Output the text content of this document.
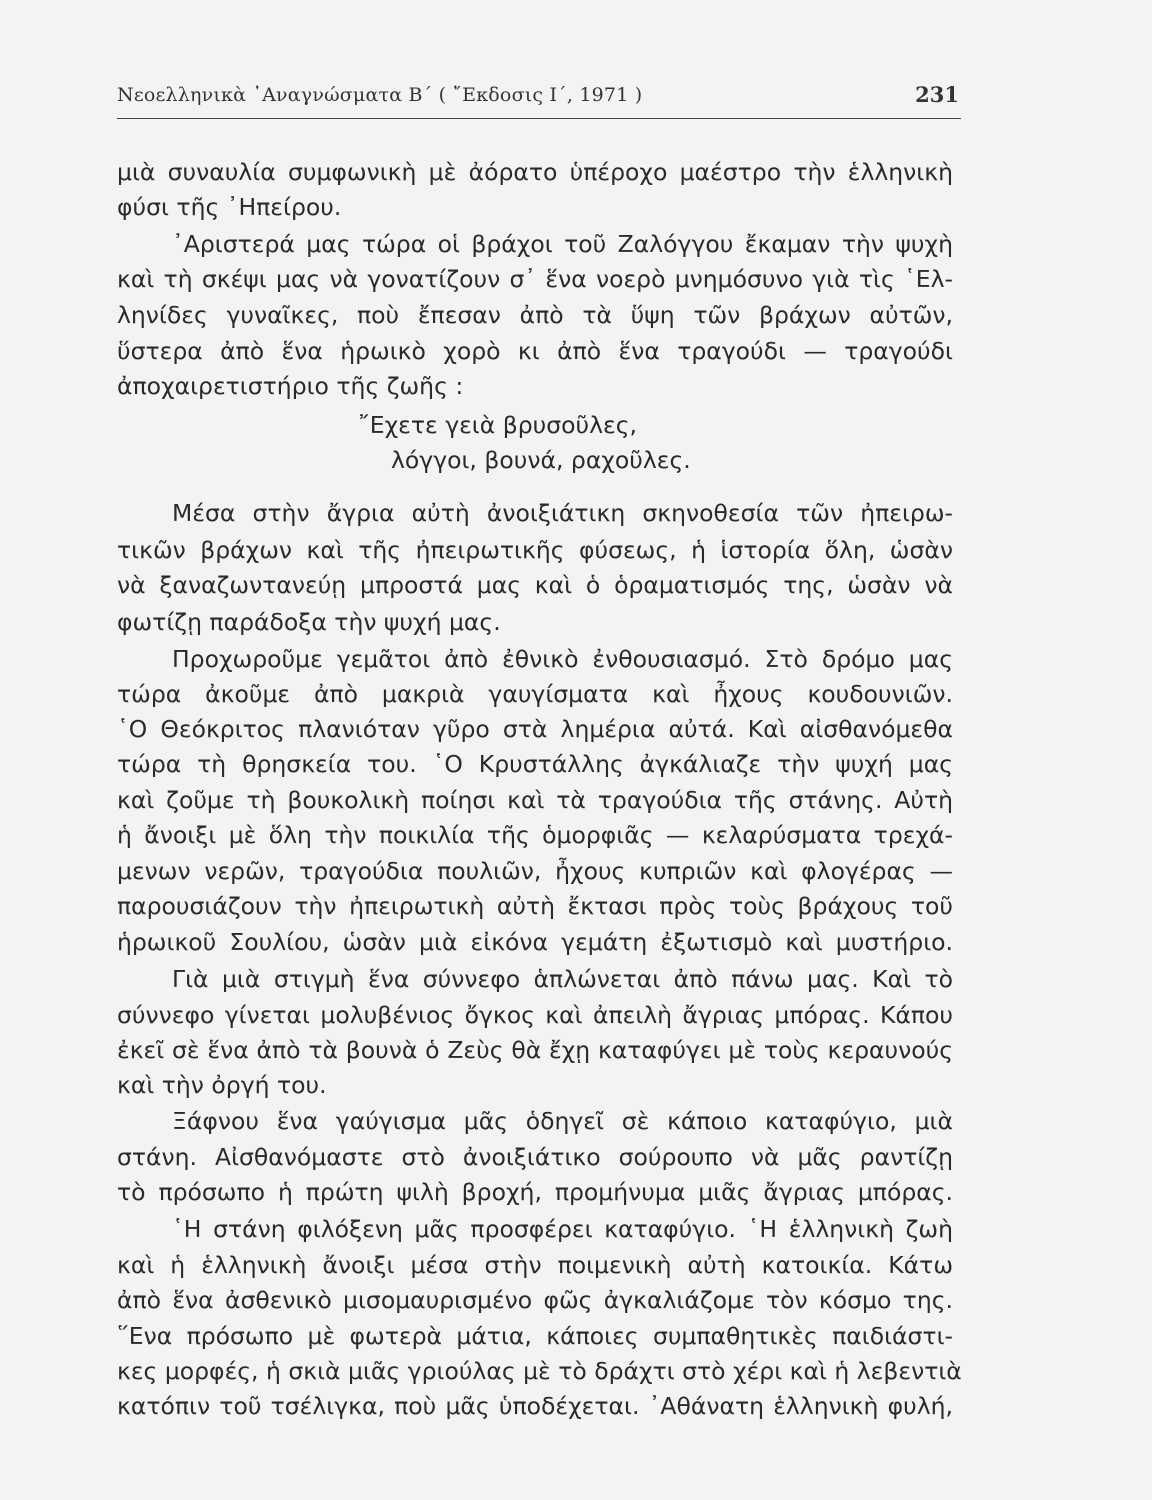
Νεοελληνικὰ ᾿Αναγνώσματα Β΄ ( ῎Εκδοσις Ι΄, 1971 )	231
μιὰ συναυλία συμφωνικὴ μὲ ἀόρατο ὑπέροχο μαέστρο τὴν ἑλληνικὴ
φύσι τῆς ᾿Ηπείρου.
᾿Αριστερά μας τώρα οἱ βράχοι τοῦ Ζαλόγγου ἔκαμαν τὴν ψυχὴ
καὶ τὴ σκέψι μας νὰ γονατίζουν σ᾿ ἕνα νοερὸ μνημόσυνο γιὰ τὶς ῾Ελ-
ληνίδες γυναῖκες, ποὺ ἔπεσαν ἀπὸ τὰ ὕψη τῶν βράχων αὐτῶν,
ὕστερα ἀπὸ ἕνα ἡρωικὸ χορὸ κι ἀπὸ ἕνα τραγούδι — τραγούδι
ἀποχαιρετιστήριο τῆς ζωῆς :
῎Εχετε γειὰ βρυσοῦλες,
λόγγοι, βουνά, ραχοῦλες.
Μέσα στὴν ἄγρια αὐτὴ ἀνοιξιάτικη σκηνοθεσία τῶν ἠπειρω-
τικῶν βράχων καὶ τῆς ἠπειρωτικῆς φύσεως, ἡ ἱστορία ὅλη, ὡσὰν
νὰ ξαναζωντανεύῃ μπροστά μας καὶ ὁ ὁραματισμός της, ὡσὰν νὰ
φωτίζῃ παράδοξα τὴν ψυχή μας.
Προχωροῦμε γεμᾶτοι ἀπὸ ἐθνικὸ ἐνθουσιασμό. Στὸ δρόμο μας
τώρα ἀκοῦμε ἀπὸ μακριὰ γαυγίσματα καὶ ἦχους κουδουνιῶν.
῾Ο Θεόκριτος πλανιόταν γῦρο στὰ λημέρια αὐτά. Καὶ αἰσθανόμεθα
τώρα τὴ θρησκεία του. ῾Ο Κρυστάλλης ἀγκάλιαζε τὴν ψυχή μας
καὶ ζοῦμε τὴ βουκολικὴ ποίησι καὶ τὰ τραγούδια τῆς στάνης. Αὐτὴ
ἡ ἄνοιξι μὲ ὅλη τὴν ποικιλία τῆς ὁμορφιᾶς — κελαρύσματα τρεχά-
μενων νερῶν, τραγούδια πουλιῶν, ἦχους κυπριῶν καὶ φλογέρας —
παρουσιάζουν τὴν ἠπειρωτικὴ αὐτὴ ἔκτασι πρὸς τοὺς βράχους τοῦ
ἡρωικοῦ Σουλίου, ὡσὰν μιὰ εἰκόνα γεμάτη ἐξωτισμὸ καὶ μυστήριο.
Γιὰ μιὰ στιγμὴ ἕνα σύννεφο ἁπλώνεται ἀπὸ πάνω μας. Καὶ τὸ
σύννεφο γίνεται μολυβένιος ὄγκος καὶ ἀπειλὴ ἄγριας μπόρας. Κάπου
ἐκεῖ σὲ ἕνα ἀπὸ τὰ βουνὰ ὁ Ζεὺς θὰ ἔχῃ καταφύγει μὲ τοὺς κεραυνούς
καὶ τὴν ὀργή του.
Ξάφνου ἕνα γαύγισμα μᾶς ὁδηγεῖ σὲ κάποιο καταφύγιο, μιὰ
στάνη. Αἰσθανόμαστε στὸ ἀνοιξιάτικο σούρουπο νὰ μᾶς ραντίζῃ
τὸ πρόσωπο ἡ πρώτη ψιλὴ βροχή, προμήνυμα μιᾶς ἄγριας μπόρας.
῾Η στάνη φιλόξενη μᾶς προσφέρει καταφύγιο. ῾Η ἑλληνικὴ ζωὴ
καὶ ἡ ἑλληνικὴ ἄνοιξι μέσα στὴν ποιμενικὴ αὐτὴ κατοικία. Κάτω
ἀπὸ ἕνα ἀσθενικὸ μισομαυρισμένο φῶς ἀγκαλιάζομε τὸν κόσμο της.
῞Ενα πρόσωπο μὲ φωτερὰ μάτια, κάποιες συμπαθητικὲς παιδιάστι-
κες μορφές, ἡ σκιὰ μιᾶς γριούλας μὲ τὸ δράχτι στὸ χέρι καὶ ἡ λεβεντιὰ
κατόπιν τοῦ τσέλιγκα, ποὺ μᾶς ὑποδέχεται. ᾿Αθάνατη ἑλληνικὴ φυλή,
